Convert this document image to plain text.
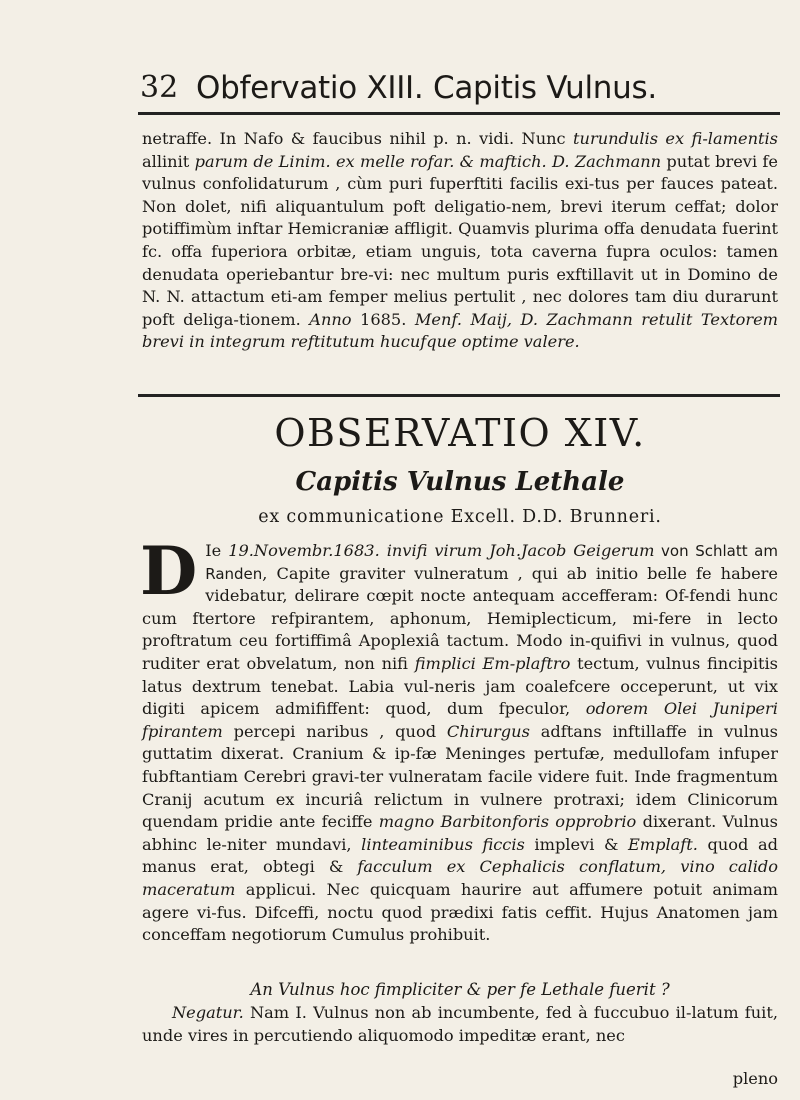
32 Obfervatio XIII. Capitis Vulnus.

netraffe. In Nafo & faucibus nihil p. n. vidi. Nunc turundulis ex fi-lamentis allinit parum de Linim. ex melle rofar. & maftich. D. Zachmann putat brevi fe vulnus confolidaturum , cùm puri fuperftiti facilis exi-tus per fauces pateat. Non dolet, nifi aliquantulum poft deligatio-nem, brevi iterum ceffat; dolor potiffimùm inftar Hemicraniæ affligit. Quamvis plurima offa denudata fuerint fc. offa fuperiora orbitæ, etiam unguis, tota caverna fupra oculos: tamen denudata operiebantur bre-vi: nec multum puris exftillavit ut in Domino de N. N. attactum eti-am femper melius pertulit , nec dolores tam diu durarunt poft deliga-tionem. Anno 1685. Menf. Maij, D. Zachmann retulit Textorem brevi in integrum reftitutum hucufque optime valere.

OBSERVATIO XIV.
Capitis Vulnus Lethale
ex communicatione Excell. D.D. Brunneri.

D Ie 19.Novembr.1683. invifi virum Joh.Jacob Geigerum von Schlatt am Randen, Capite graviter vulneratum , qui ab initio belle fe habere videbatur, delirare cœpit nocte antequam accefferam: Of-fendi hunc cum ftertore refpirantem, aphonum, Hemiplecticum, mi-fere in lecto proftratum ceu fortiffimâ Apoplexiâ tactum. Modo in-quifivi in vulnus, quod ruditer erat obvelatum, non nifi fimplici Em-plaftro tectum, vulnus fincipitis latus dextrum tenebat. Labia vul-neris jam coalefcere occeperunt, ut vix digiti apicem admififfent: quod, dum fpeculor, odorem Olei Juniperi fpirantem percepi naribus , quod Chirurgus adftans inftillaffe in vulnus guttatim dixerat. Cranium & ip-fæ Meninges pertufæ, medullofam infuper fubftantiam Cerebri gravi-ter vulneratam facile videre fuit. Inde fragmentum Cranij acutum ex incuriâ relictum in vulnere protraxi; idem Clinicorum quendam pridie ante feciffe magno Barbitonforis opprobrio dixerant. Vulnus abhinc le-niter mundavi, linteaminibus ficcis implevi & Emplaft. quod ad manus erat, obtegi & facculum ex Cephalicis conflatum, vino calido maceratum applicui. Nec quicquam haurire aut affumere potuit animam agere vi-fus. Difceffi, noctu quod prædixi fatis ceffit. Hujus Anatomen jam conceffam negotiorum Cumulus prohibuit.

An Vulnus hoc fimpliciter & per fe Lethale fuerit ?

Negatur. Nam I. Vulnus non ab incumbente, fed à fuccubuo il-latum fuit, unde vires in percutiendo aliquomodo impeditæ erant, nec

pleno
